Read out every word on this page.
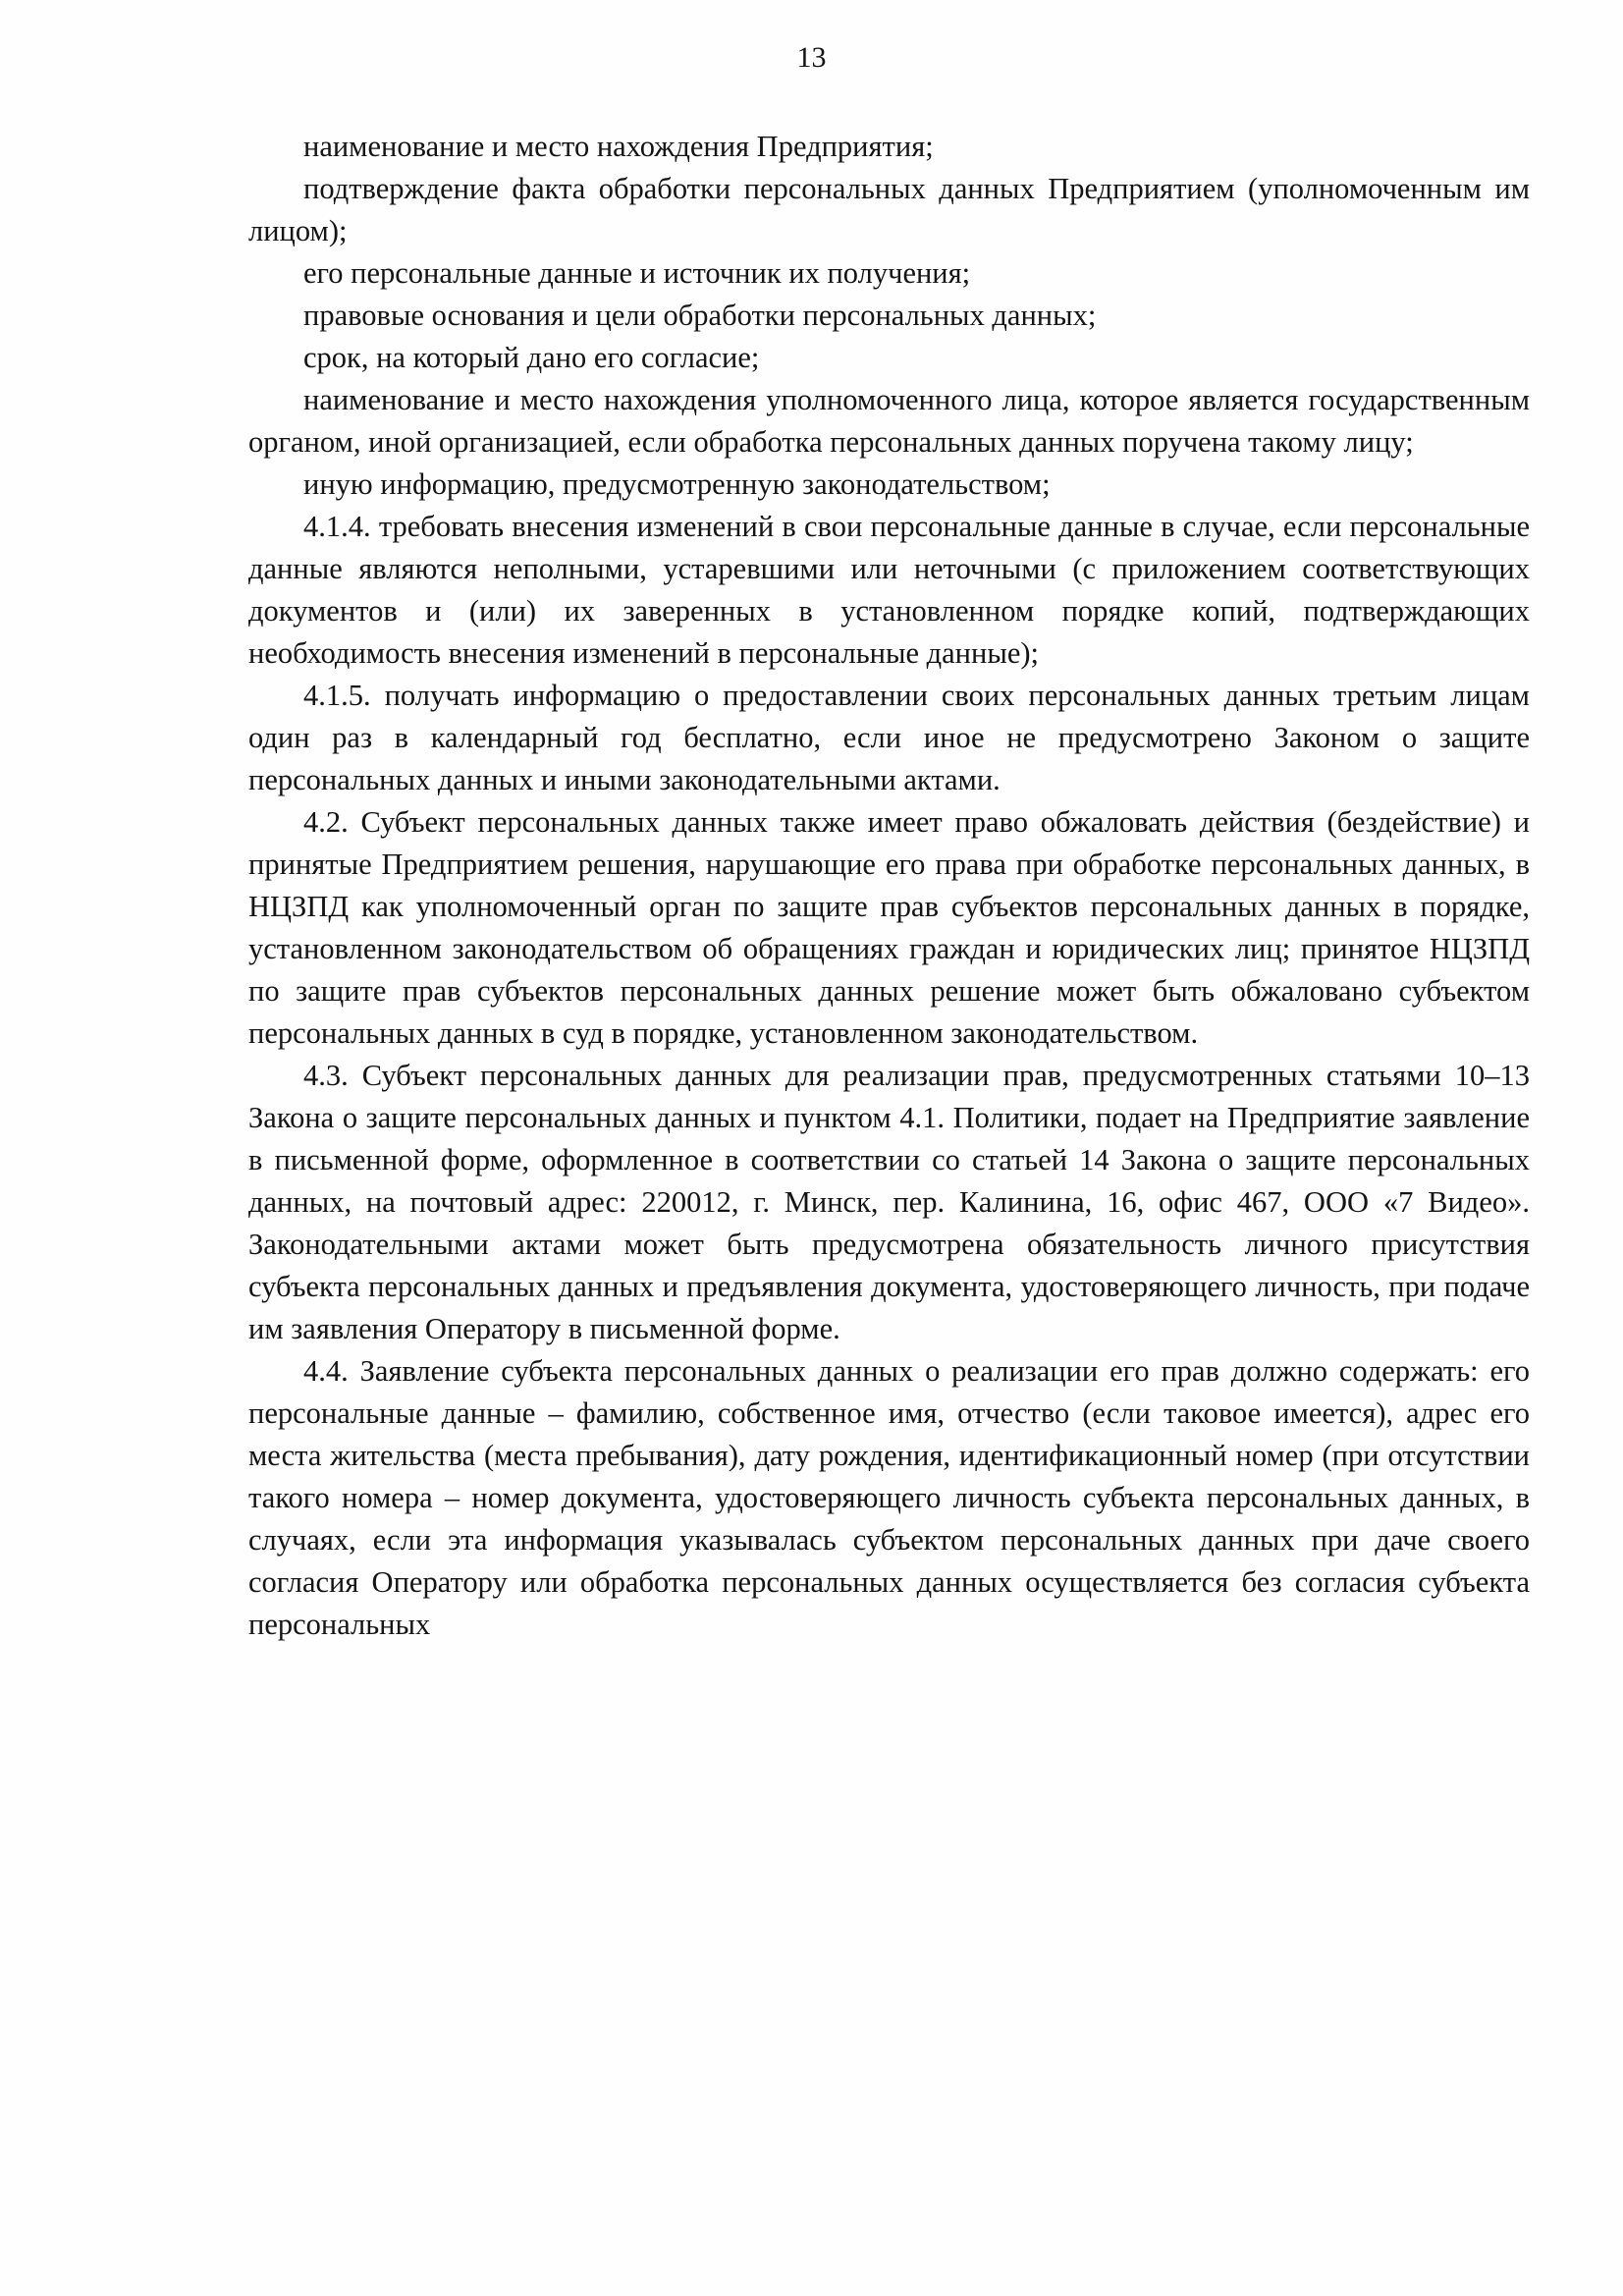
13

наименование и место нахождения Предприятия;

подтверждение факта обработки персональных данных Предприятием (уполномоченным им лицом);

его персональные данные и источник их получения;

правовые основания и цели обработки персональных данных;

срок, на который дано его согласие;

наименование и место нахождения уполномоченного лица, которое является государственным органом, иной организацией, если обработка персональных данных поручена такому лицу;

иную информацию, предусмотренную законодательством;

4.1.4. требовать внесения изменений в свои персональные данные в случае, если персональные данные являются неполными, устаревшими или неточными (с приложением соответствующих документов и (или) их заверенных в установленном порядке копий, подтверждающих необходимость внесения изменений в персональные данные);

4.1.5. получать информацию о предоставлении своих персональных данных третьим лицам один раз в календарный год бесплатно, если иное не предусмотрено Законом о защите персональных данных и иными законодательными актами.

4.2. Субъект персональных данных также имеет право обжаловать действия (бездействие) и принятые Предприятием решения, нарушающие его права при обработке персональных данных, в НЦЗПД как уполномоченный орган по защите прав субъектов персональных данных в порядке, установленном законодательством об обращениях граждан и юридических лиц; принятое НЦЗПД по защите прав субъектов персональных данных решение может быть обжаловано субъектом персональных данных в суд в порядке, установленном законодательством.

4.3. Субъект персональных данных для реализации прав, предусмотренных статьями 10–13 Закона о защите персональных данных и пунктом 4.1. Политики, подает на Предприятие заявление в письменной форме, оформленное в соответствии со статьей 14 Закона о защите персональных данных, на почтовый адрес: 220012, г. Минск, пер. Калинина, 16, офис 467, ООО «7 Видео». Законодательными актами может быть предусмотрена обязательность личного присутствия субъекта персональных данных и предъявления документа, удостоверяющего личность, при подаче им заявления Оператору в письменной форме.

4.4. Заявление субъекта персональных данных о реализации его прав должно содержать: его персональные данные – фамилию, собственное имя, отчество (если таковое имеется), адрес его места жительства (места пребывания), дату рождения, идентификационный номер (при отсутствии такого номера – номер документа, удостоверяющего личность субъекта персональных данных, в случаях, если эта информация указывалась субъектом персональных данных при даче своего согласия Оператору или обработка персональных данных осуществляется без согласия субъекта персональных
